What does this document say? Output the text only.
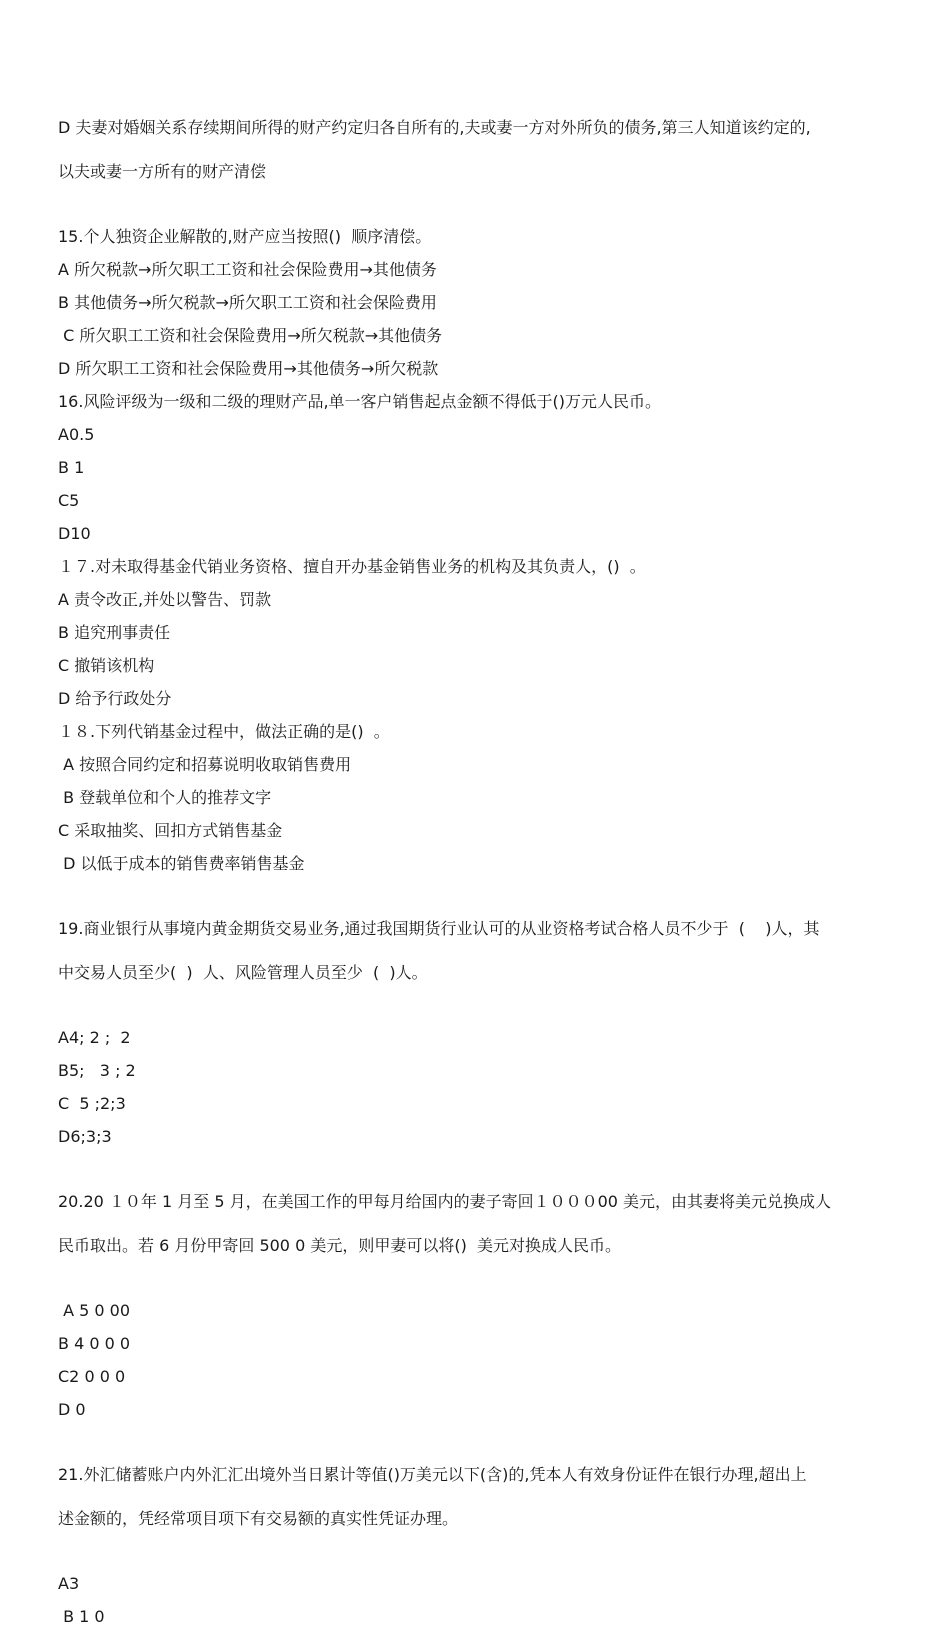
D 夫妻对婚姻关系存续期间所得的财产约定归各自所有的,夫或妻一方对外所负的债务,第三人知道该约定的,

以夫或妻一方所有的财产清偿

15.个人独资企业解散的,财产应当按照()  顺序清偿。
A 所欠税款→所欠职工工资和社会保险费用→其他债务
B 其他债务→所欠税款→所欠职工工资和社会保险费用
C 所欠职工工资和社会保险费用→所欠税款→其他债务
D 所欠职工工资和社会保险费用→其他债务→所欠税款
16.风险评级为一级和二级的理财产品,单一客户销售起点金额不得低于()万元人民币。
A0.5
B 1
C5
D10
１７.对未取得基金代销业务资格、擅自开办基金销售业务的机构及其负责人，()  。
A 责令改正,并处以警告、罚款
B 追究刑事责任
C 撤销该机构
D 给予行政处分
１８.下列代销基金过程中，做法正确的是()  。
A 按照合同约定和招募说明收取销售费用
B 登载单位和个人的推荐文字
C 采取抽奖、回扣方式销售基金
D 以低于成本的销售费率销售基金

19.商业银行从事境内黄金期货交易业务,通过我国期货行业认可的从业资格考试合格人员不少于  (    )人，其

中交易人员至少(  )  人、风险管理人员至少  (  )人。

A4; 2 ;  2
B5;   3 ; 2
C  5 ;2;3
D6;3;3

20.20 １０年 1 月至 5 月，在美国工作的甲每月给国内的妻子寄回１０００00 美元，由其妻将美元兑换成人

民币取出。若 6 月份甲寄回 500 0 美元，则甲妻可以将()  美元对换成人民币。

A 5 0 00
B 4 0 0 0
C2 0 0 0
D 0

21.外汇储蓄账户内外汇汇出境外当日累计等值()万美元以下(含)的,凭本人有效身份证件在银行办理,超出上

述金额的，凭经常项目项下有交易额的真实性凭证办理。

A3
B 1 0
